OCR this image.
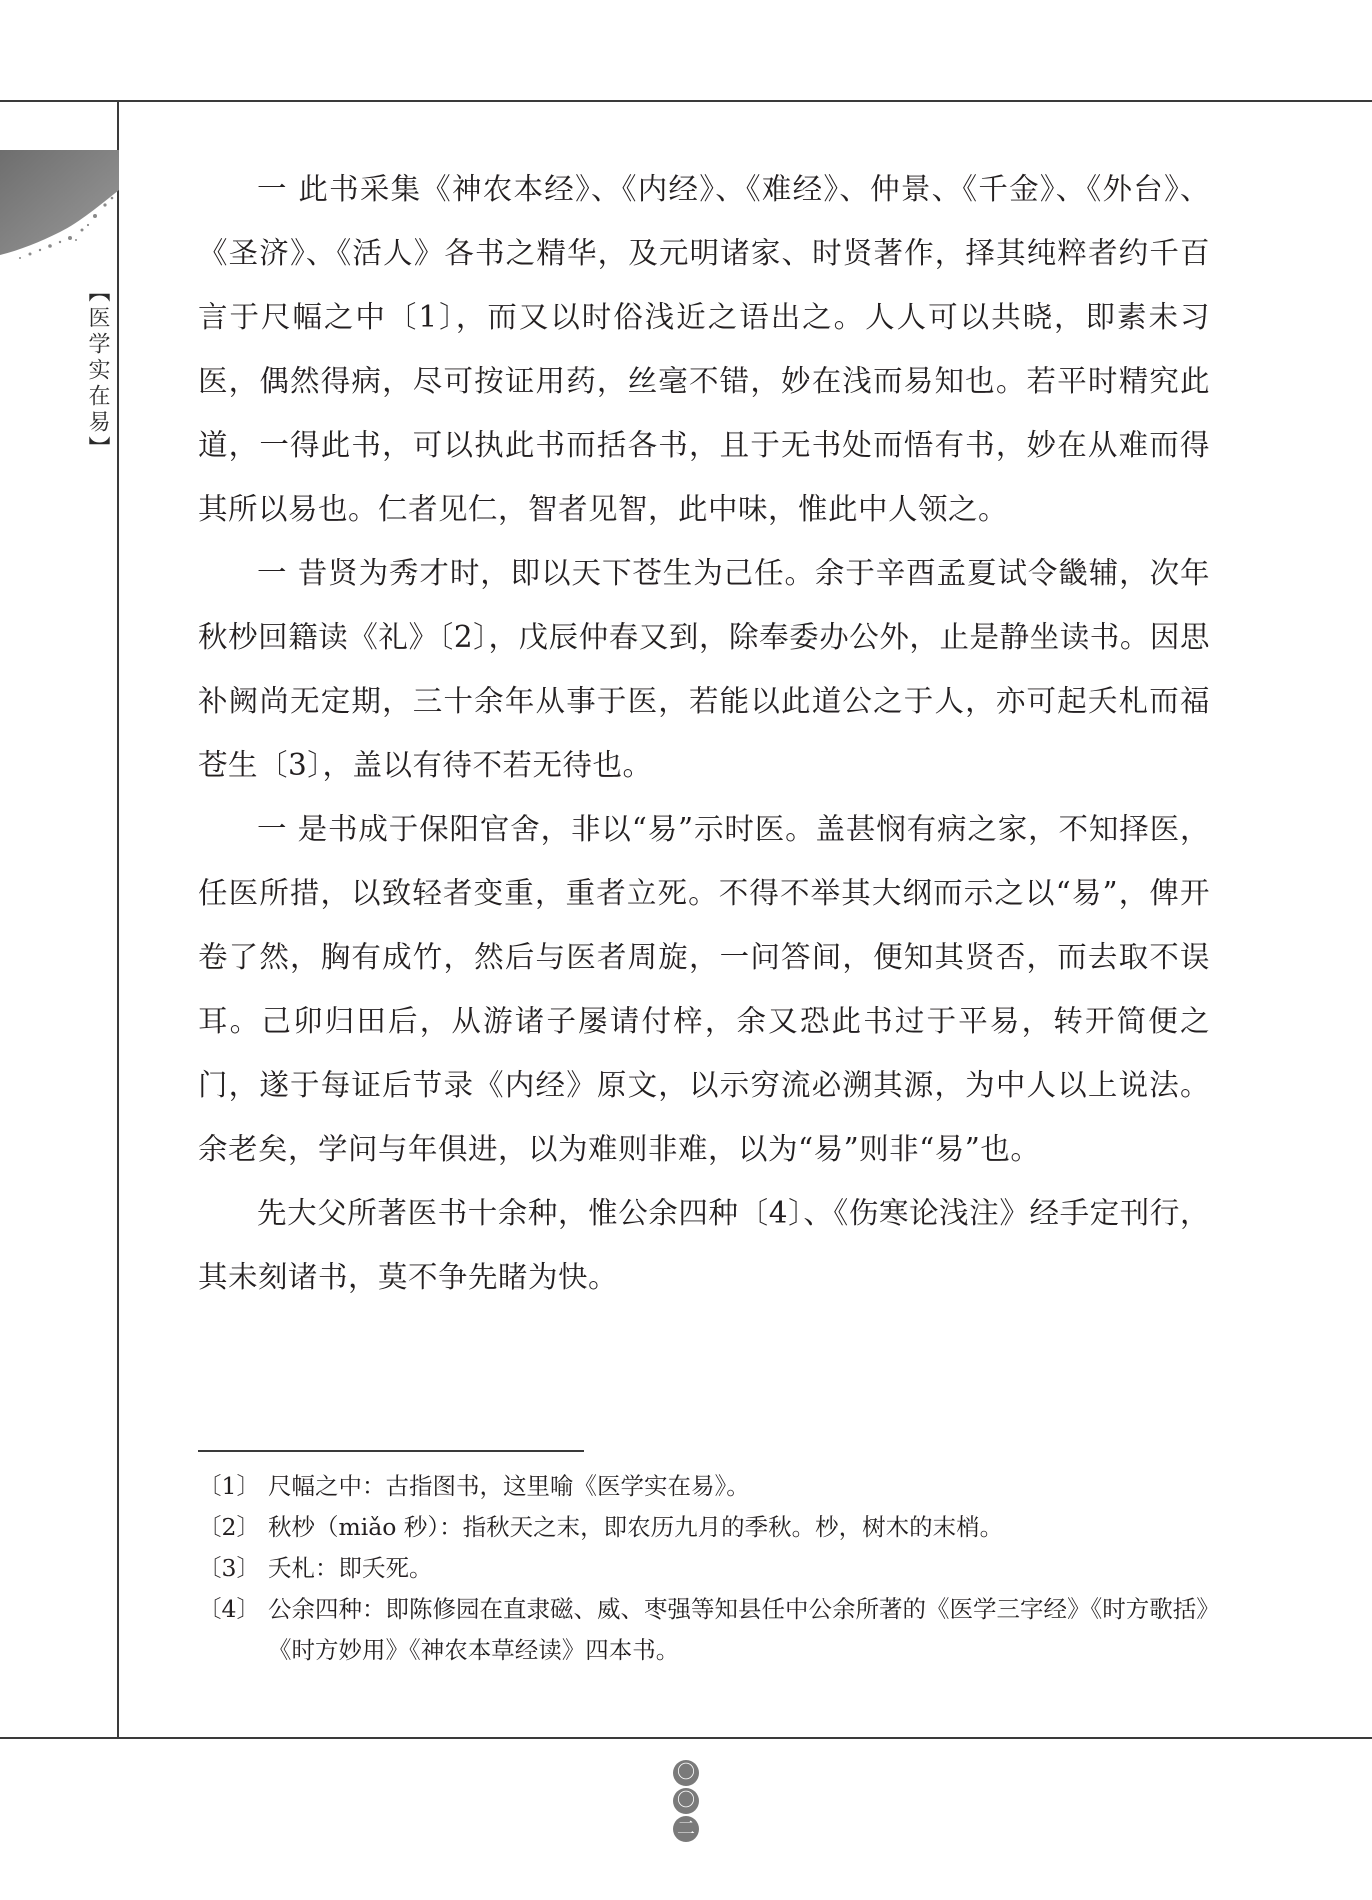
【医学实在易】

一 此书采集《神农本经》、《内经》、《难经》、仲景、《千金》、《外台》、《圣济》、《活人》各书之精华，及元明诸家、时贤著作，择其纯粹者约千百言于尺幅之中〔1〕，而又以时俗浅近之语出之。人人可以共晓，即素未习医，偶然得病，尽可按证用药，丝毫不错，妙在浅而易知也。若平时精究此道，一得此书，可以执此书而括各书，且于无书处而悟有书，妙在从难而得其所以易也。仁者见仁，智者见智，此中味，惟此中人领之。

一 昔贤为秀才时，即以天下苍生为己任。余于辛酉孟夏试令畿辅，次年秋杪回籍读《礼》〔2〕，戊辰仲春又到，除奉委办公外，止是静坐读书。因思补阙尚无定期，三十余年从事于医，若能以此道公之于人，亦可起夭札而福苍生〔3〕，盖以有待不若无待也。

一 是书成于保阳官舍，非以“易”示时医。盖甚悯有病之家，不知择医，任医所措，以致轻者变重，重者立死。不得不举其大纲而示之以“易”，俾开卷了然，胸有成竹，然后与医者周旋，一问答间，便知其贤否，而去取不误耳。己卯归田后，从游诸子屡请付梓，余又恐此书过于平易，转开简便之门，遂于每证后节录《内经》原文，以示穷流必溯其源，为中人以上说法。余老矣，学问与年俱进，以为难则非难，以为“易”则非“易”也。

先大父所著医书十余种，惟公余四种〔4〕、《伤寒论浅注》经手定刊行，其未刻诸书，莫不争先睹为快。

〔1〕 尺幅之中：古指图书，这里喻《医学实在易》。
〔2〕 秋杪（miǎo 秒）：指秋天之末，即农历九月的季秋。杪，树木的末梢。
〔3〕 夭札：即夭死。
〔4〕 公余四种：即陈修园在直隶磁、威、枣强等知县任中公余所著的《医学三字经》《时方歌括》《时方妙用》《神农本草经读》四本书。
〇
〇
二
